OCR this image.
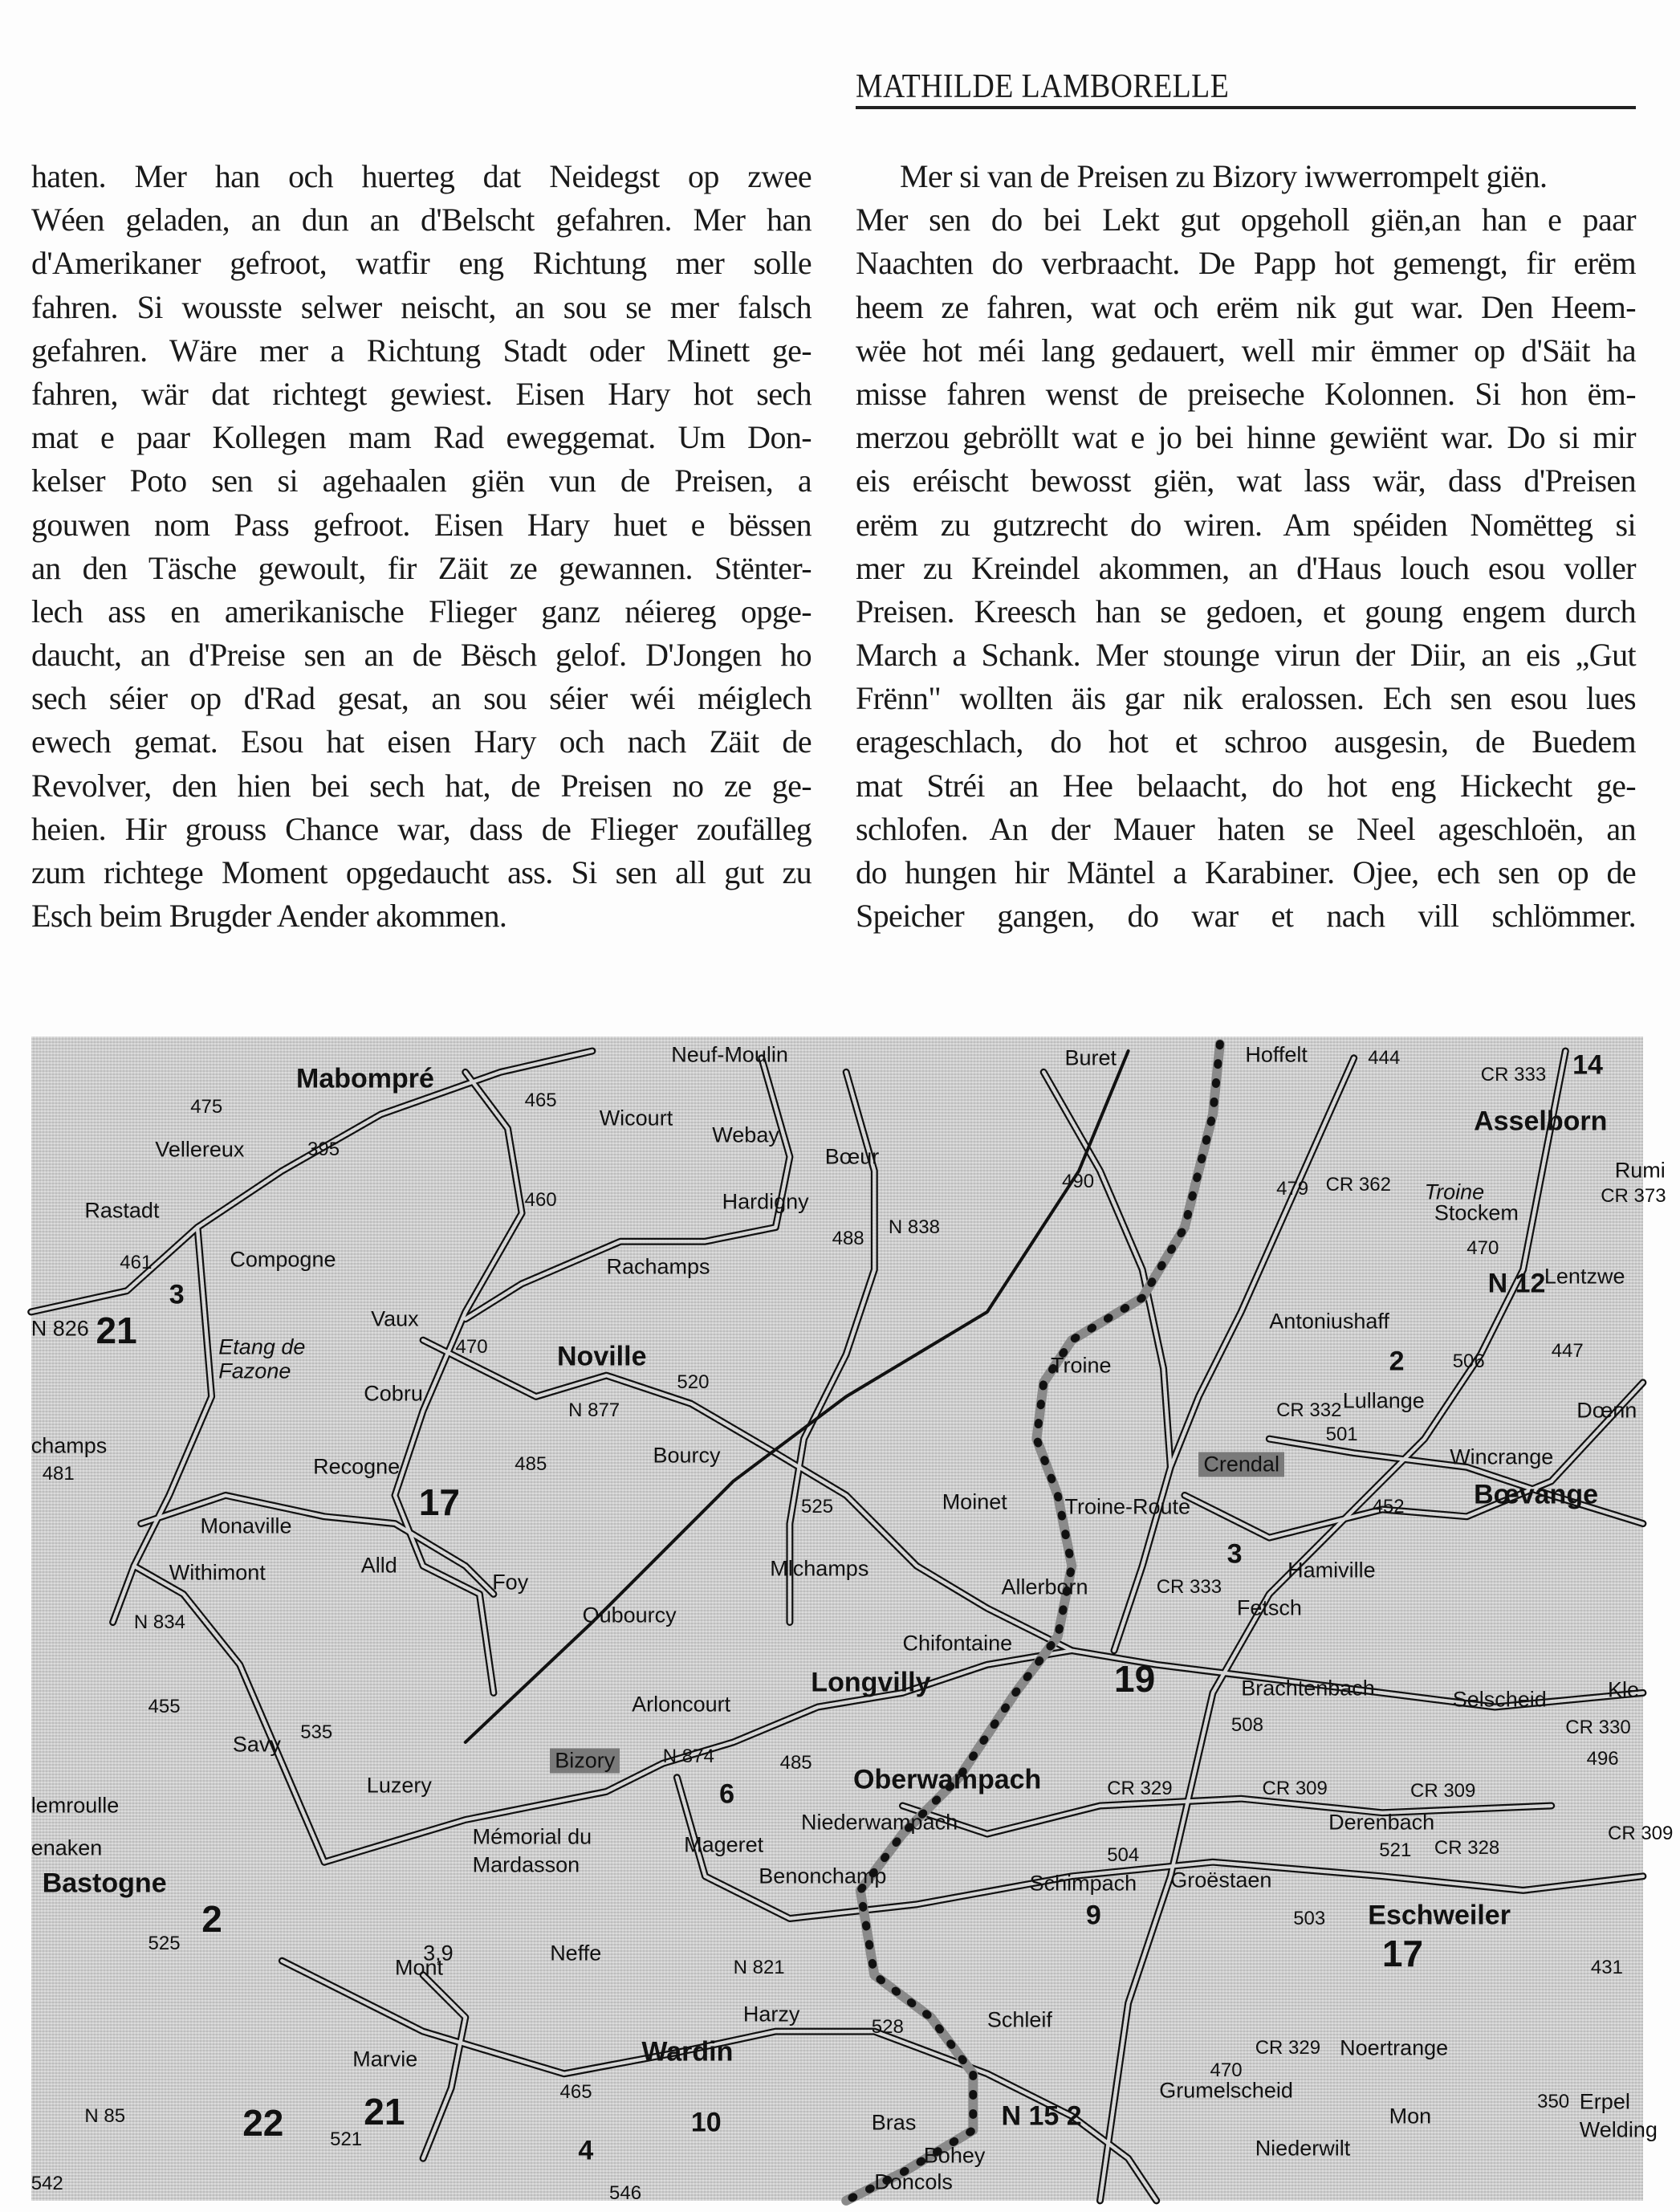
MATHILDE LAMBORELLE
haten. Mer han och huerteg dat Neidegst op zwee
Wéen geladen, an dun an d'Belscht gefahren. Mer han
d'Amerikaner gefroot, watfir eng Richtung mer solle
fahren. Si wousste selwer neischt, an sou se mer falsch
gefahren. Wäre mer a Richtung Stadt oder Minett ge-
fahren, wär dat richtegt gewiest. Eisen Hary hot sech
mat e paar Kollegen mam Rad eweggemat. Um Don-
kelser Poto sen si agehaalen giën vun de Preisen, a
gouwen nom Pass gefroot. Eisen Hary huet e bëssen
an den Täsche gewoult, fir Zäit ze gewannen. Stënter-
lech ass en amerikanische Flieger ganz néiereg opge-
daucht, an d'Preise sen an de Bësch gelof. D'Jongen ho
sech séier op d'Rad gesat, an sou séier wéi méiglech
ewech gemat. Esou hat eisen Hary och nach Zäit de
Revolver, den hien bei sech hat, de Preisen no ze ge-
heien. Hir grouss Chance war, dass de Flieger zoufälleg
zum richtege Moment opgedaucht ass. Si sen all gut zu
Esch beim Brugder Aender akommen.
Mer si van de Preisen zu Bizory iwwerrompelt giën.
Mer sen do bei Lekt gut opgeholl giën,an han e paar
Naachten do verbraacht. De Papp hot gemengt, fir erëm
heem ze fahren, wat och erëm nik gut war. Den Heem-
wëe hot méi lang gedauert, well mir ëmmer op d'Säit ha
misse fahren wenst de preiseche Kolonnen. Si hon ëm-
merzou gebröllt wat e jo bei hinne gewiënt war. Do si mir
eis eréischt bewosst giën, wat lass wär, dass d'Preisen
erëm zu gutzrecht do wiren. Am spéiden Nomëtteg si
mer zu Kreindel akommen, an d'Haus louch esou voller
Preisen. Kreesch han se gedoen, et goung engem durch
March a Schank. Mer stounge virun der Diir, an eis „Gut
Frënn" wollten äis gar nik eralossen. Ech sen esou lues
erageschlach, do hot et schroo ausgesin, de Buedem
mat Stréi an Hee belaacht, do hot eng Hickecht ge-
schlofen. An der Mauer haten se Neel ageschloën, an
do hungen hir Mäntel a Karabiner. Ojee, ech sen op de
Speicher gangen, do war et nach vill schlömmer.
Neuf-Moulin
Mabompré
Buret	Hoffelt	444
CR 333 14
475	465
Wicourt	Asselborn
Vellereux	395
Webay
Bœur
490	479
Rumi
460	Hardigny
Rastadt
Troine
Stockem
488
461	Compogne	Rachamps
470
Lentzwe
N 826 21	Vaux	Antoniushaff
Etang de
Fazone
470	Noville	506	447
520
Troine
Cobru	Lullange
N 877	Dœnn
champs	Bourcy	Crendal
501
Wincrange
481	Recogne	485
17	525	Moinet	Troine-Route	452	Bœvange
Monaville
Withimont	Alld
Foy
Mlchamps	Hamiville
Oubourcy
Allerborn
Fetsch
Chifontaine
Longvilly	19	Brachtenbach	Selscheid	Kle
455	Arloncourt
508	CR 330
496
Savy
535
Bizory N 874	485
Oberwampach	CR 329	CR 309	CR 309
Luzery	6
lemroulle
Derenbach
Niederwampach
enaken	Mémorial du
Mardasson
Mageret	521 CR 328
CR 309
Bastogne
504
Benonchamp	Schimpach Groëstaen
2
525	3,9	Neffe
Mont
503 Eschweiler
17
9
N 821
Harzy
431
528	Schleif
Wardin
Marvie	CR 329 Noertrange
470
Grumelscheid
21
22
465
4
10	Bras	N 15 2	350 Erpel
Welding
Mon
Niederwilt
Bohey
Doncols
521
546
542
N 838
CR 362
N 12
CR 332
CR 333
N 834
N 85
CR 373
2
3
3
